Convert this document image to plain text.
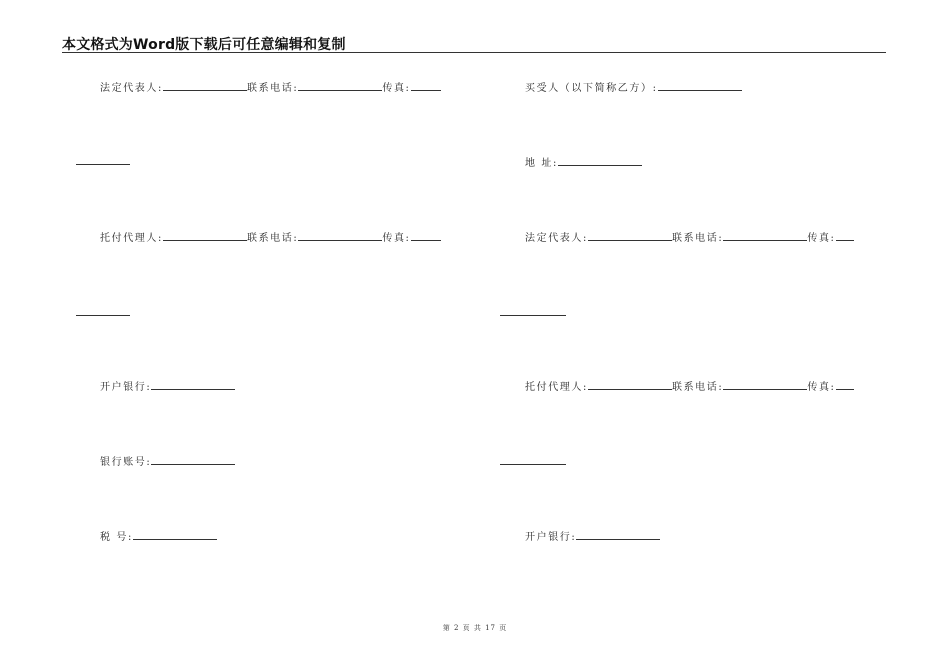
本文格式为Word版下载后可任意编辑和复制
法定代表人:	联系电话:	传真:
托付代理人:	联系电话:	传真:
开户银行:
银行账号:
税 号:
买受人（以下简称乙方）:
地 址:
法定代表人:	联系电话:	传真:
托付代理人:	联系电话:	传真:
开户银行:
第 2 页 共 17 页
